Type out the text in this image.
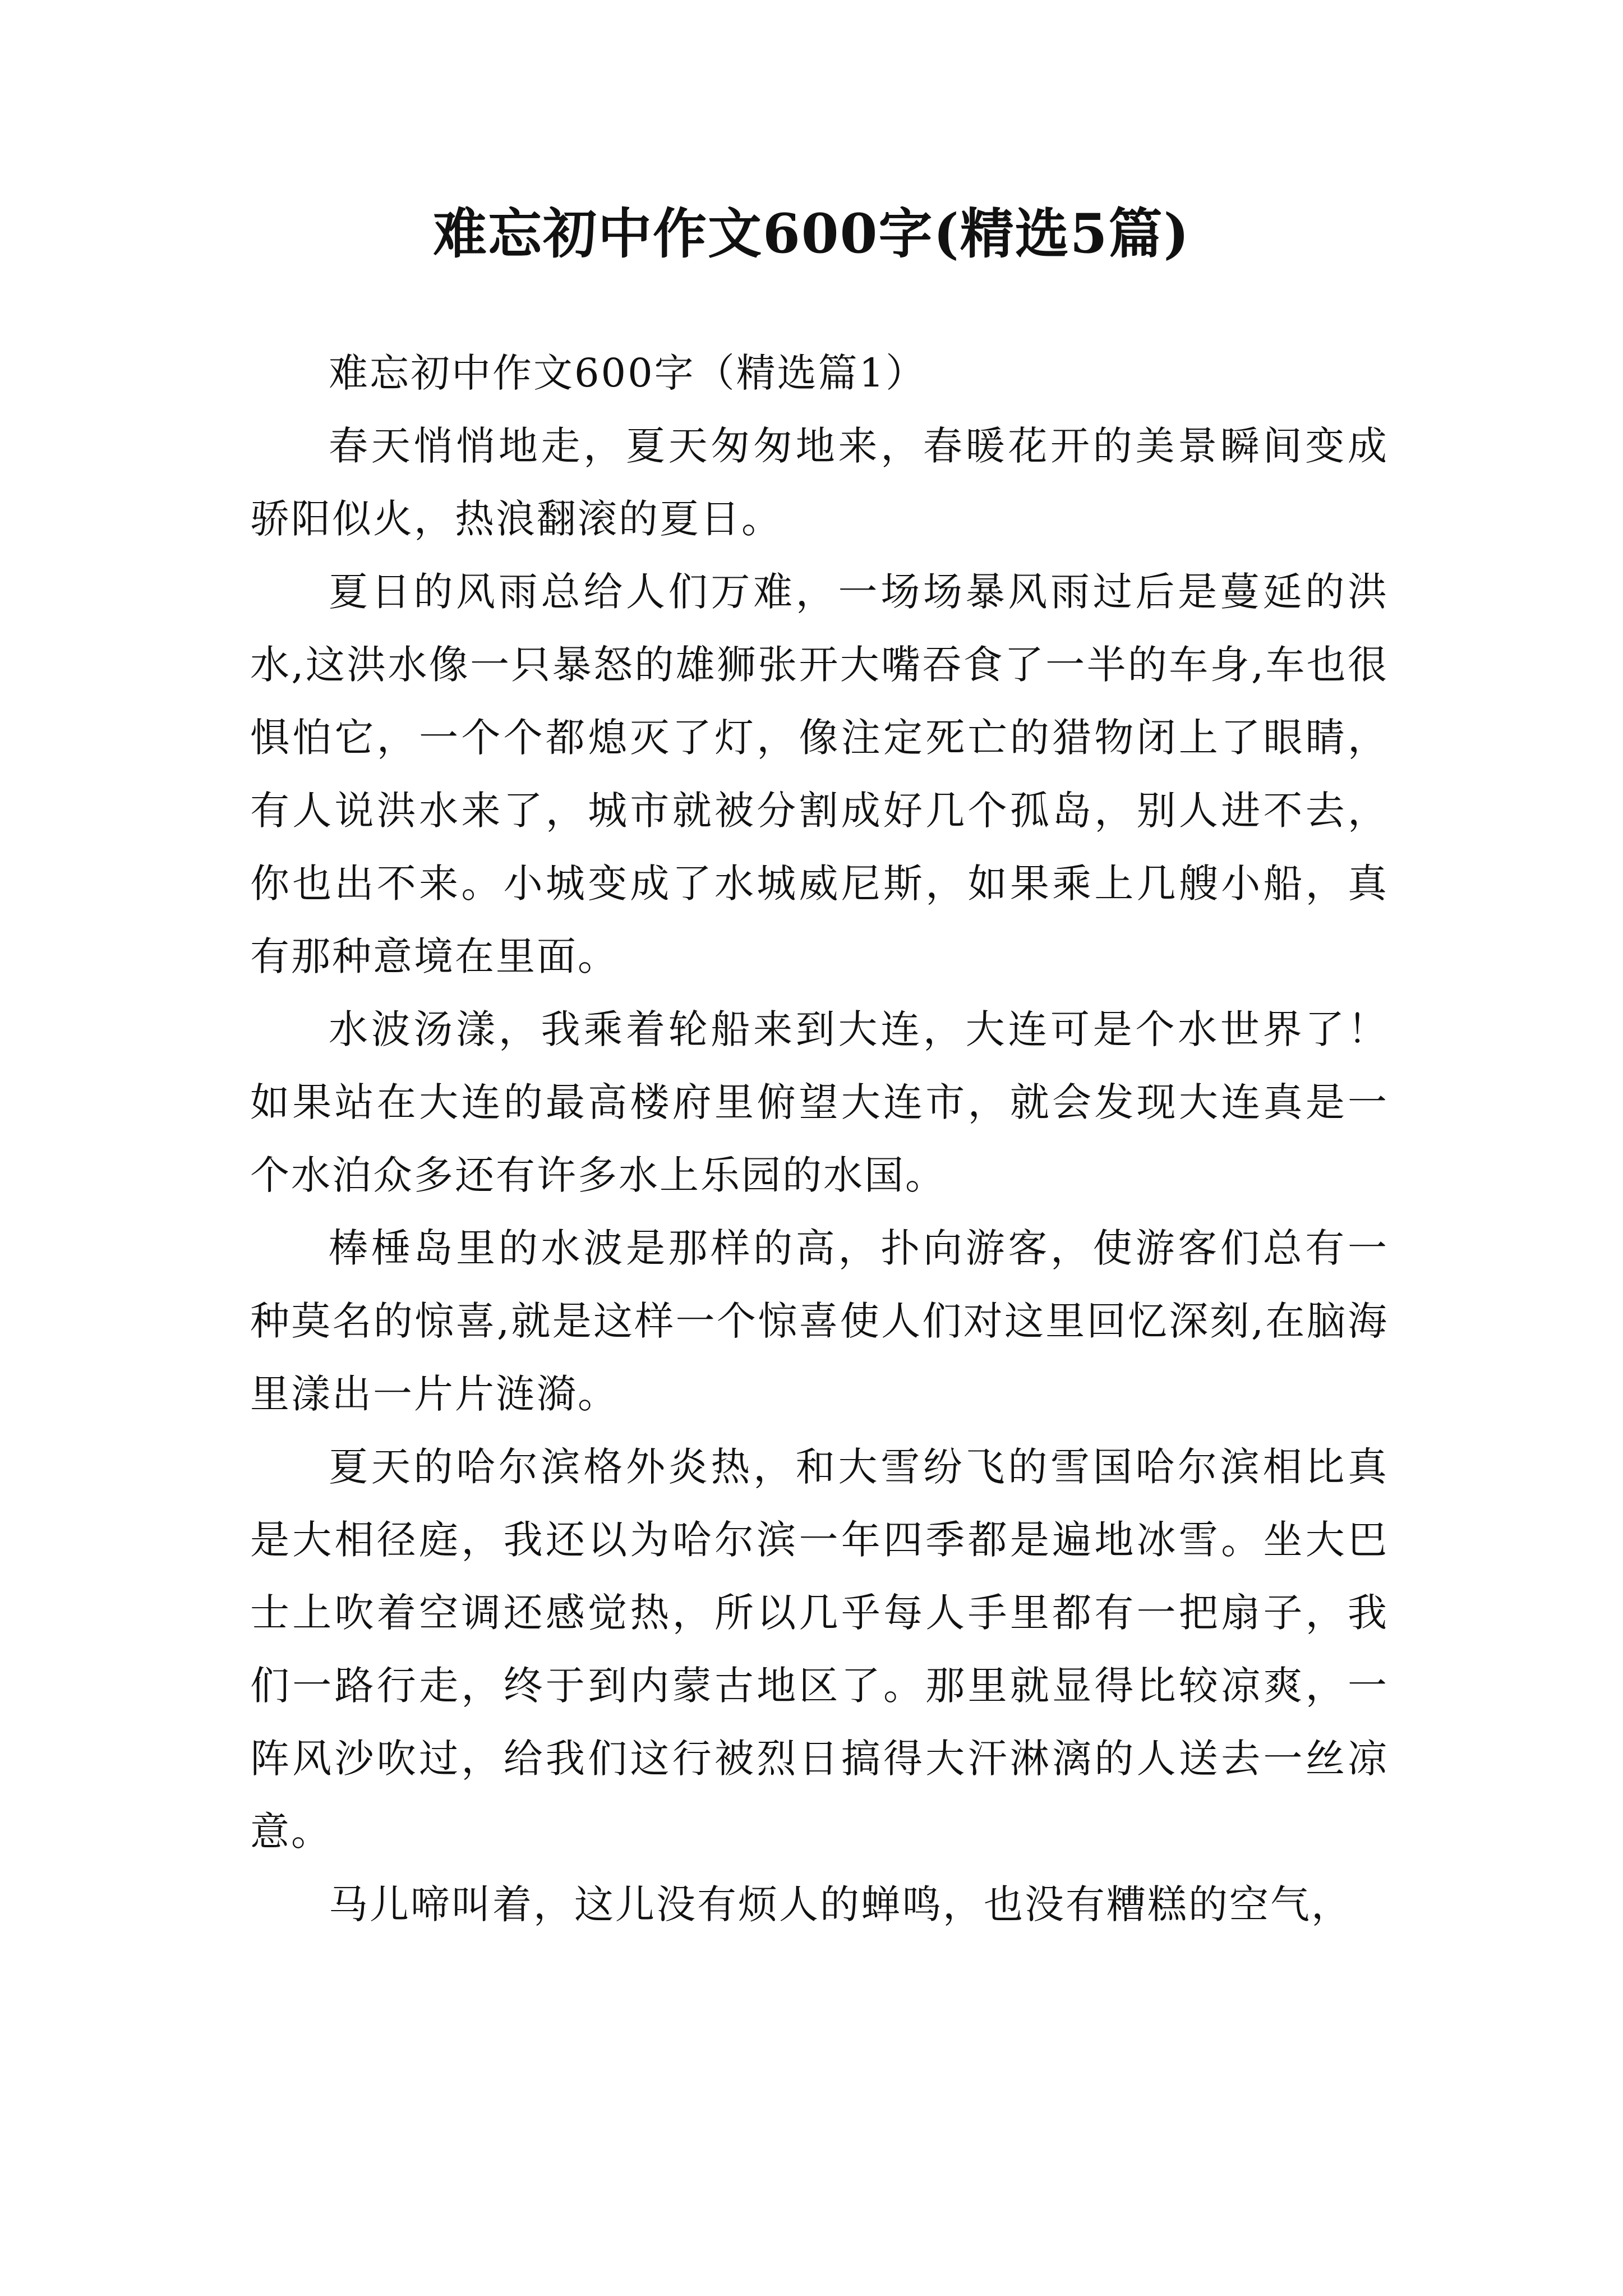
难忘初中作文600字(精选5篇)

难忘初中作文600字（精选篇1）

春天悄悄地走，夏天匆匆地来，春暖花开的美景瞬间变成骄阳似火，热浪翻滚的夏日。

夏日的风雨总给人们万难，一场场暴风雨过后是蔓延的洪水,这洪水像一只暴怒的雄狮张开大嘴吞食了一半的车身,车也很惧怕它，一个个都熄灭了灯，像注定死亡的猎物闭上了眼睛，有人说洪水来了，城市就被分割成好几个孤岛，别人进不去，你也出不来。小城变成了水城威尼斯，如果乘上几艘小船，真有那种意境在里面。

水波汤漾，我乘着轮船来到大连，大连可是个水世界了！如果站在大连的最高楼府里俯望大连市，就会发现大连真是一个水泊众多还有许多水上乐园的水国。

棒棰岛里的水波是那样的高，扑向游客，使游客们总有一种莫名的惊喜,就是这样一个惊喜使人们对这里回忆深刻,在脑海里漾出一片片涟漪。

夏天的哈尔滨格外炎热，和大雪纷飞的雪国哈尔滨相比真是大相径庭，我还以为哈尔滨一年四季都是遍地冰雪。坐大巴士上吹着空调还感觉热，所以几乎每人手里都有一把扇子，我们一路行走，终于到内蒙古地区了。那里就显得比较凉爽，一阵风沙吹过，给我们这行被烈日搞得大汗淋漓的人送去一丝凉意。

马儿啼叫着，这儿没有烦人的蝉鸣，也没有糟糕的空气，
